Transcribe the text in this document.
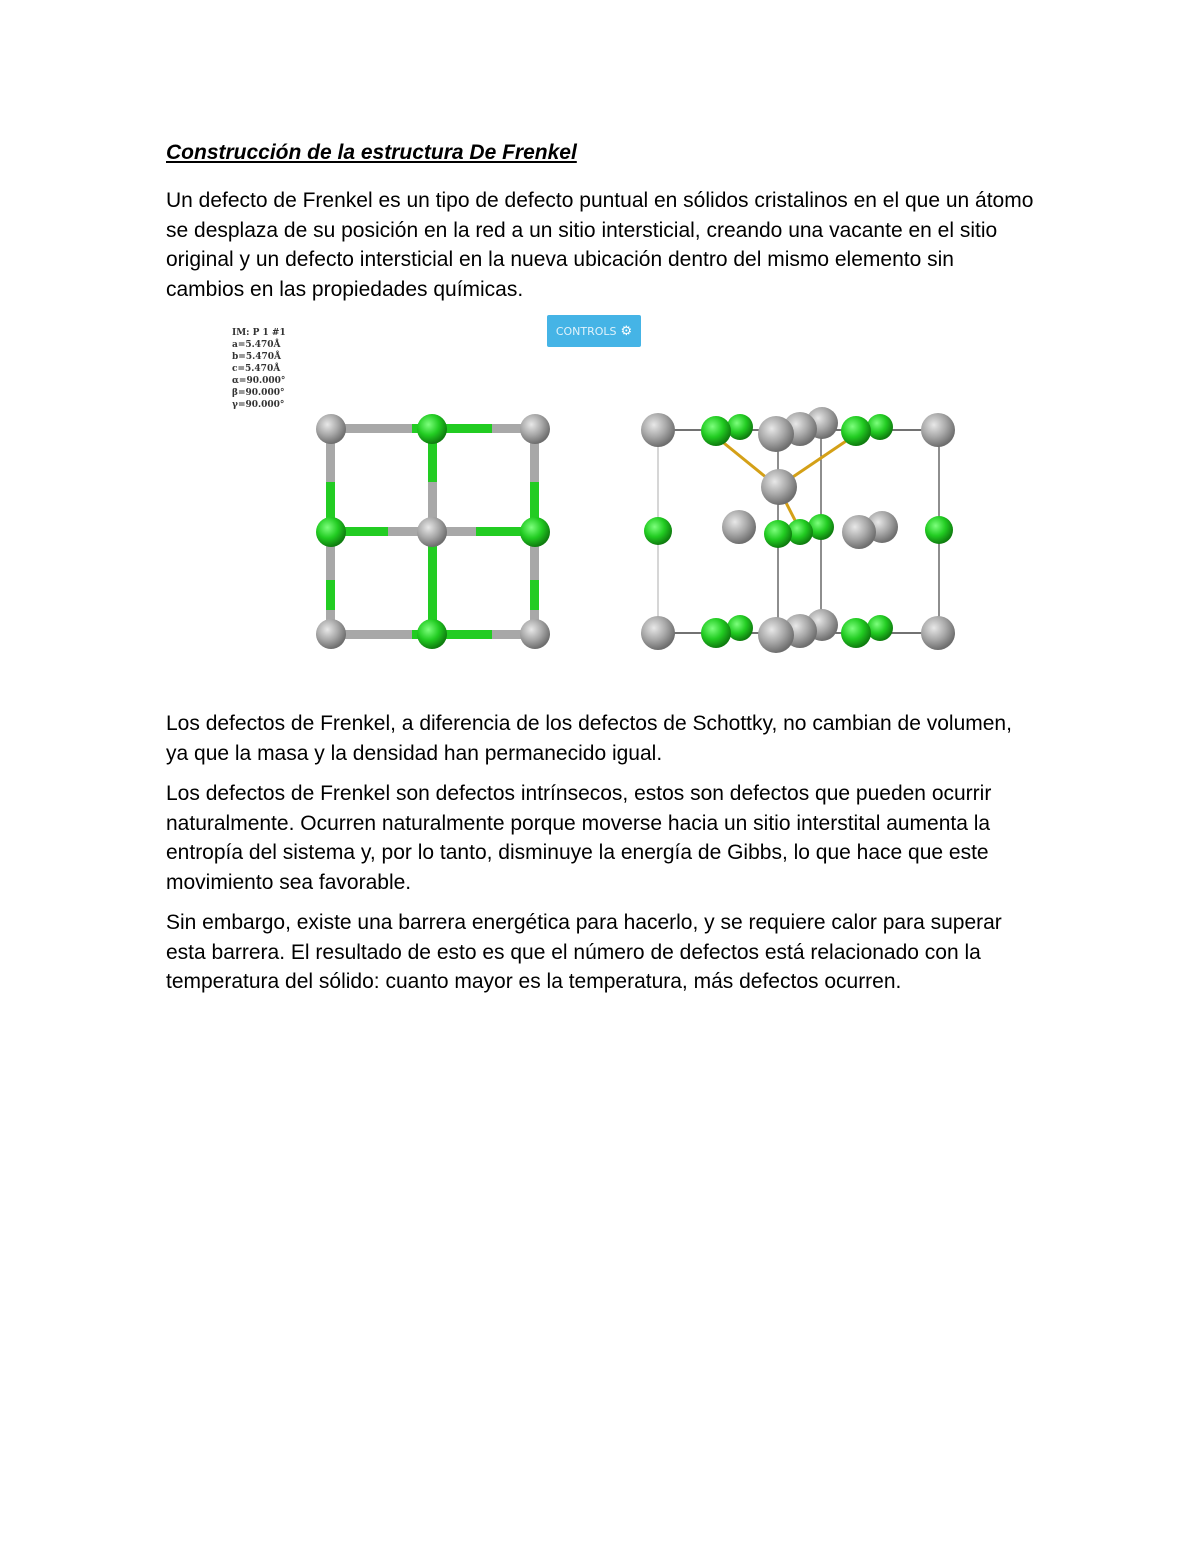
Construcción de la estructura De Frenkel

Un defecto de Frenkel es un tipo de defecto puntual en sólidos cristalinos en el que un átomo se desplaza de su posición en la red a un sitio intersticial, creando una vacante en el sitio original y un defecto intersticial en la nueva ubicación dentro del mismo elemento sin cambios en las propiedades químicas.

IM: P 1 #1
a=5.470Å
b=5.470Å
c=5.470Å
α=90.000°
β=90.000°
γ=90.000°
CONTROLS ⚙

Los defectos de Frenkel, a diferencia de los defectos de Schottky, no cambian de volumen, ya que la masa y la densidad han permanecido igual.

Los defectos de Frenkel son defectos intrínsecos, estos son defectos que pueden ocurrir naturalmente. Ocurren naturalmente porque moverse hacia un sitio interstital aumenta la entropía del sistema y, por lo tanto, disminuye la energía de Gibbs, lo que hace que este movimiento sea favorable.

Sin embargo, existe una barrera energética para hacerlo, y se requiere calor para superar esta barrera. El resultado de esto es que el número de defectos está relacionado con la temperatura del sólido: cuanto mayor es la temperatura, más defectos ocurren.
